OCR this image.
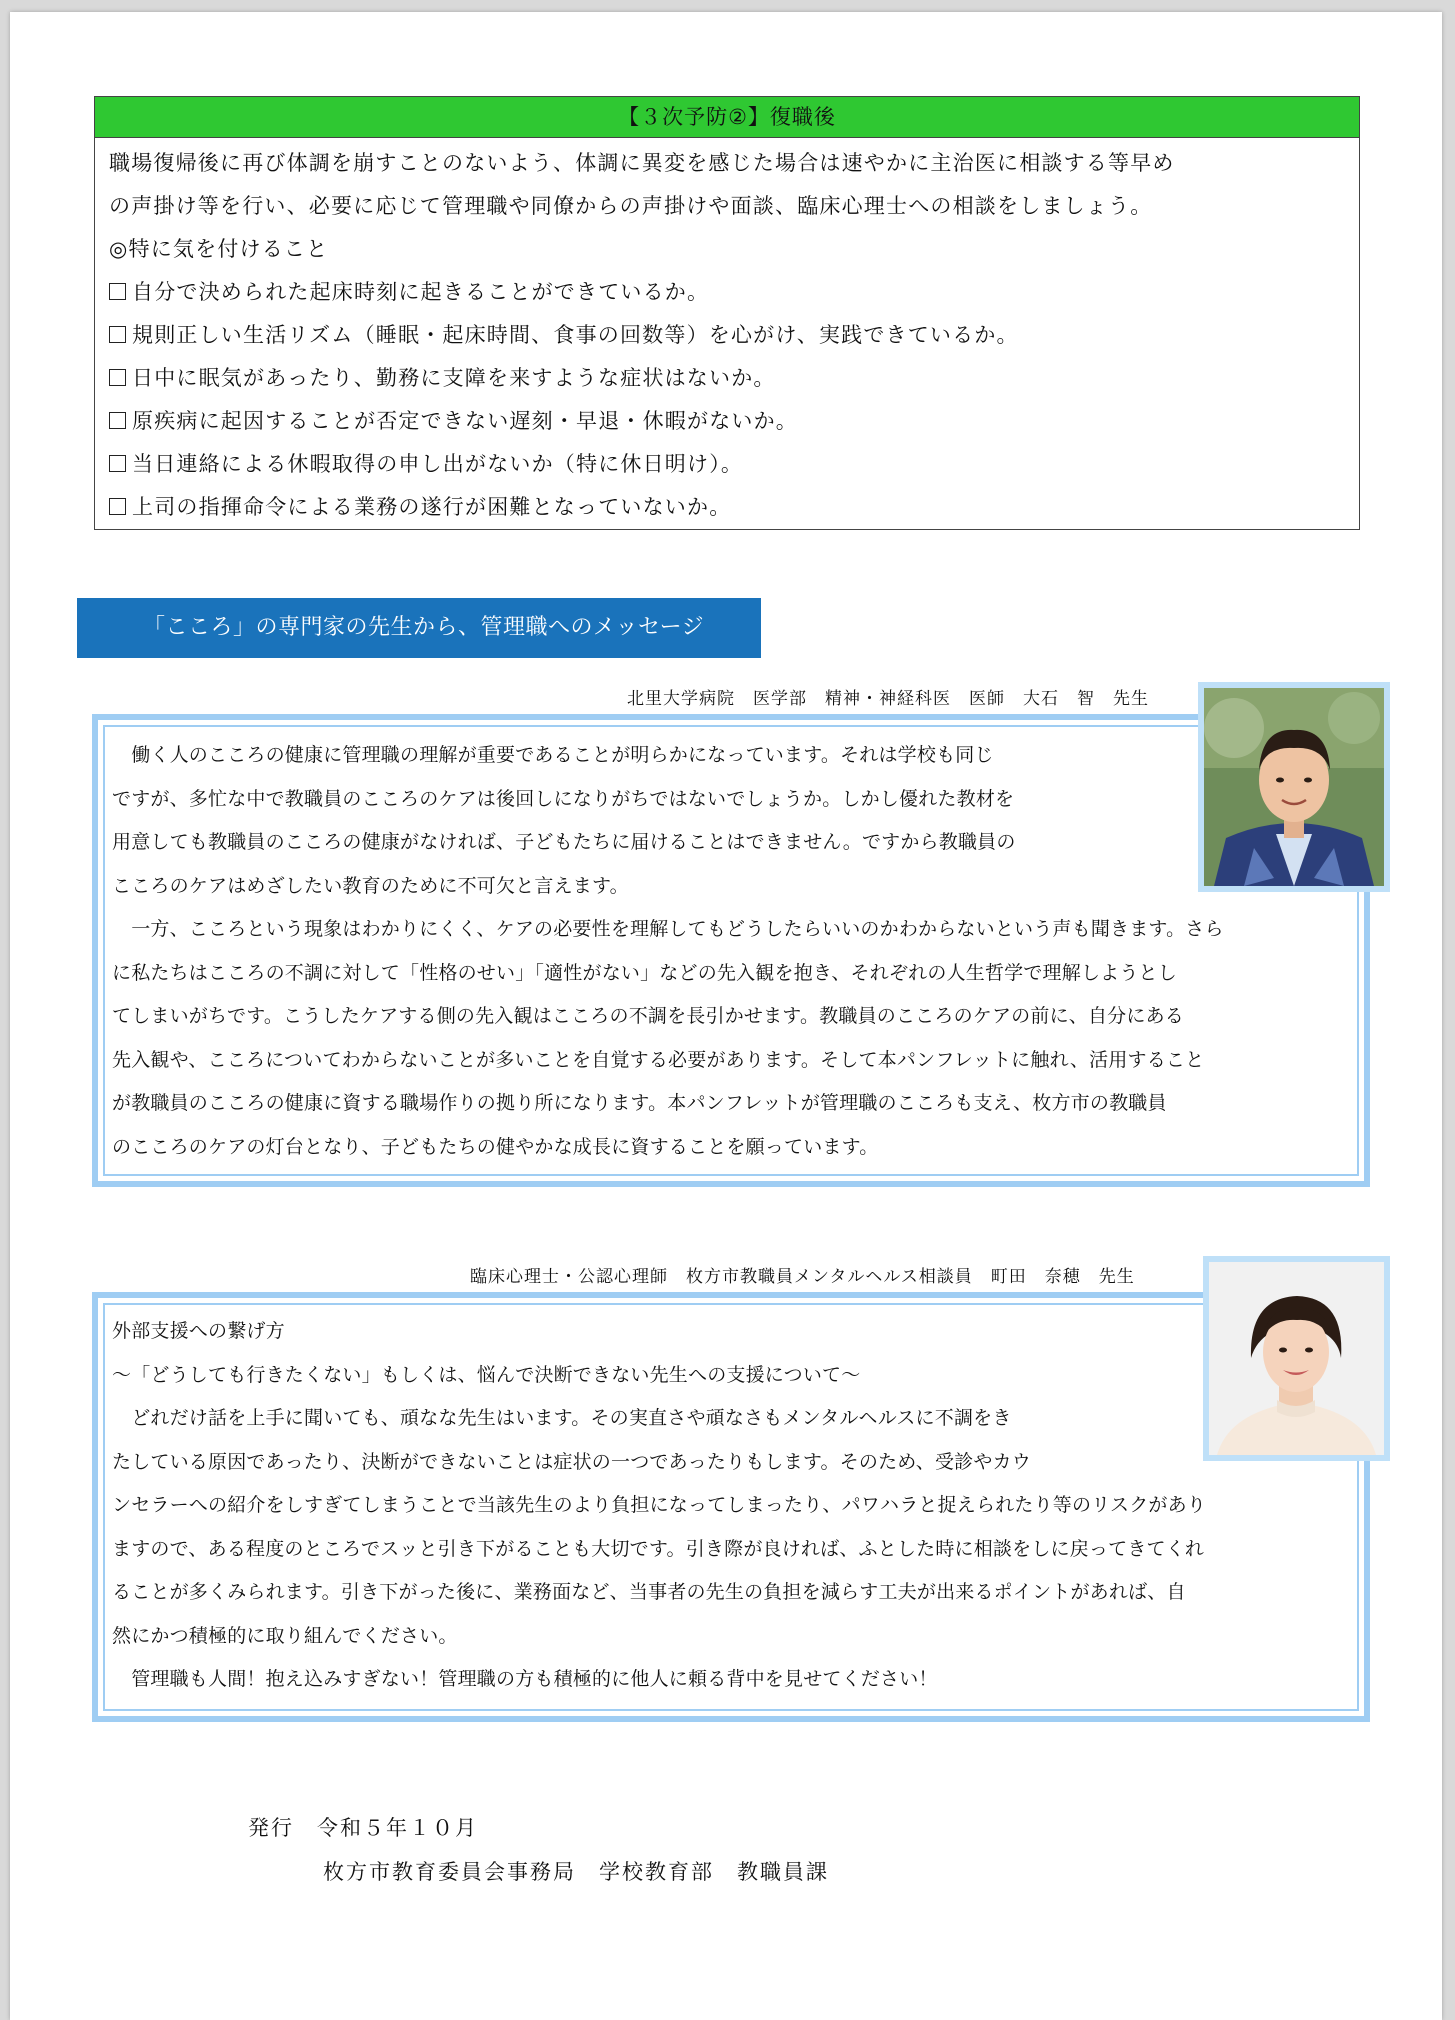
【３次予防②】復職後
職場復帰後に再び体調を崩すことのないよう、体調に異変を感じた場合は速やかに主治医に相談する等早め
の声掛け等を行い、必要に応じて管理職や同僚からの声掛けや面談、臨床心理士への相談をしましょう。
◎特に気を付けること
自分で決められた起床時刻に起きることができているか。
規則正しい生活リズム（睡眠・起床時間、食事の回数等）を心がけ、実践できているか。
日中に眠気があったり、勤務に支障を来すような症状はないか。
原疾病に起因することが否定できない遅刻・早退・休暇がないか。
当日連絡による休暇取得の申し出がないか（特に休日明け）。
上司の指揮命令による業務の遂行が困難となっていないか。
「こころ」の専門家の先生から、管理職へのメッセージ
北里大学病院　医学部　精神・神経科医　医師　大石　智　先生
　働く人のこころの健康に管理職の理解が重要であることが明らかになっています。それは学校も同じ
ですが、多忙な中で教職員のこころのケアは後回しになりがちではないでしょうか。しかし優れた教材を
用意しても教職員のこころの健康がなければ、子どもたちに届けることはできません。ですから教職員の
こころのケアはめざしたい教育のために不可欠と言えます。
　一方、こころという現象はわかりにくく、ケアの必要性を理解してもどうしたらいいのかわからないという声も聞きます。さら
に私たちはこころの不調に対して「性格のせい」「適性がない」などの先入観を抱き、それぞれの人生哲学で理解しようとし
てしまいがちです。こうしたケアする側の先入観はこころの不調を長引かせます。教職員のこころのケアの前に、自分にある
先入観や、こころについてわからないことが多いことを自覚する必要があります。そして本パンフレットに触れ、活用すること
が教職員のこころの健康に資する職場作りの拠り所になります。本パンフレットが管理職のこころも支え、枚方市の教職員
のこころのケアの灯台となり、子どもたちの健やかな成長に資することを願っています。
臨床心理士・公認心理師　枚方市教職員メンタルヘルス相談員　町田　奈穂　先生
外部支援への繋げ方
～「どうしても行きたくない」もしくは、悩んで決断できない先生への支援について～
　どれだけ話を上手に聞いても、頑なな先生はいます。その実直さや頑なさもメンタルヘルスに不調をき
たしている原因であったり、決断ができないことは症状の一つであったりもします。そのため、受診やカウ
ンセラーへの紹介をしすぎてしまうことで当該先生のより負担になってしまったり、パワハラと捉えられたり等のリスクがあり
ますので、ある程度のところでスッと引き下がることも大切です。引き際が良ければ、ふとした時に相談をしに戻ってきてくれ
ることが多くみられます。引き下がった後に、業務面など、当事者の先生の負担を減らす工夫が出来るポイントがあれば、自
然にかつ積極的に取り組んでください。
　管理職も人間！抱え込みすぎない！管理職の方も積極的に他人に頼る背中を見せてください！
発行　令和５年１０月
枚方市教育委員会事務局　学校教育部　教職員課
